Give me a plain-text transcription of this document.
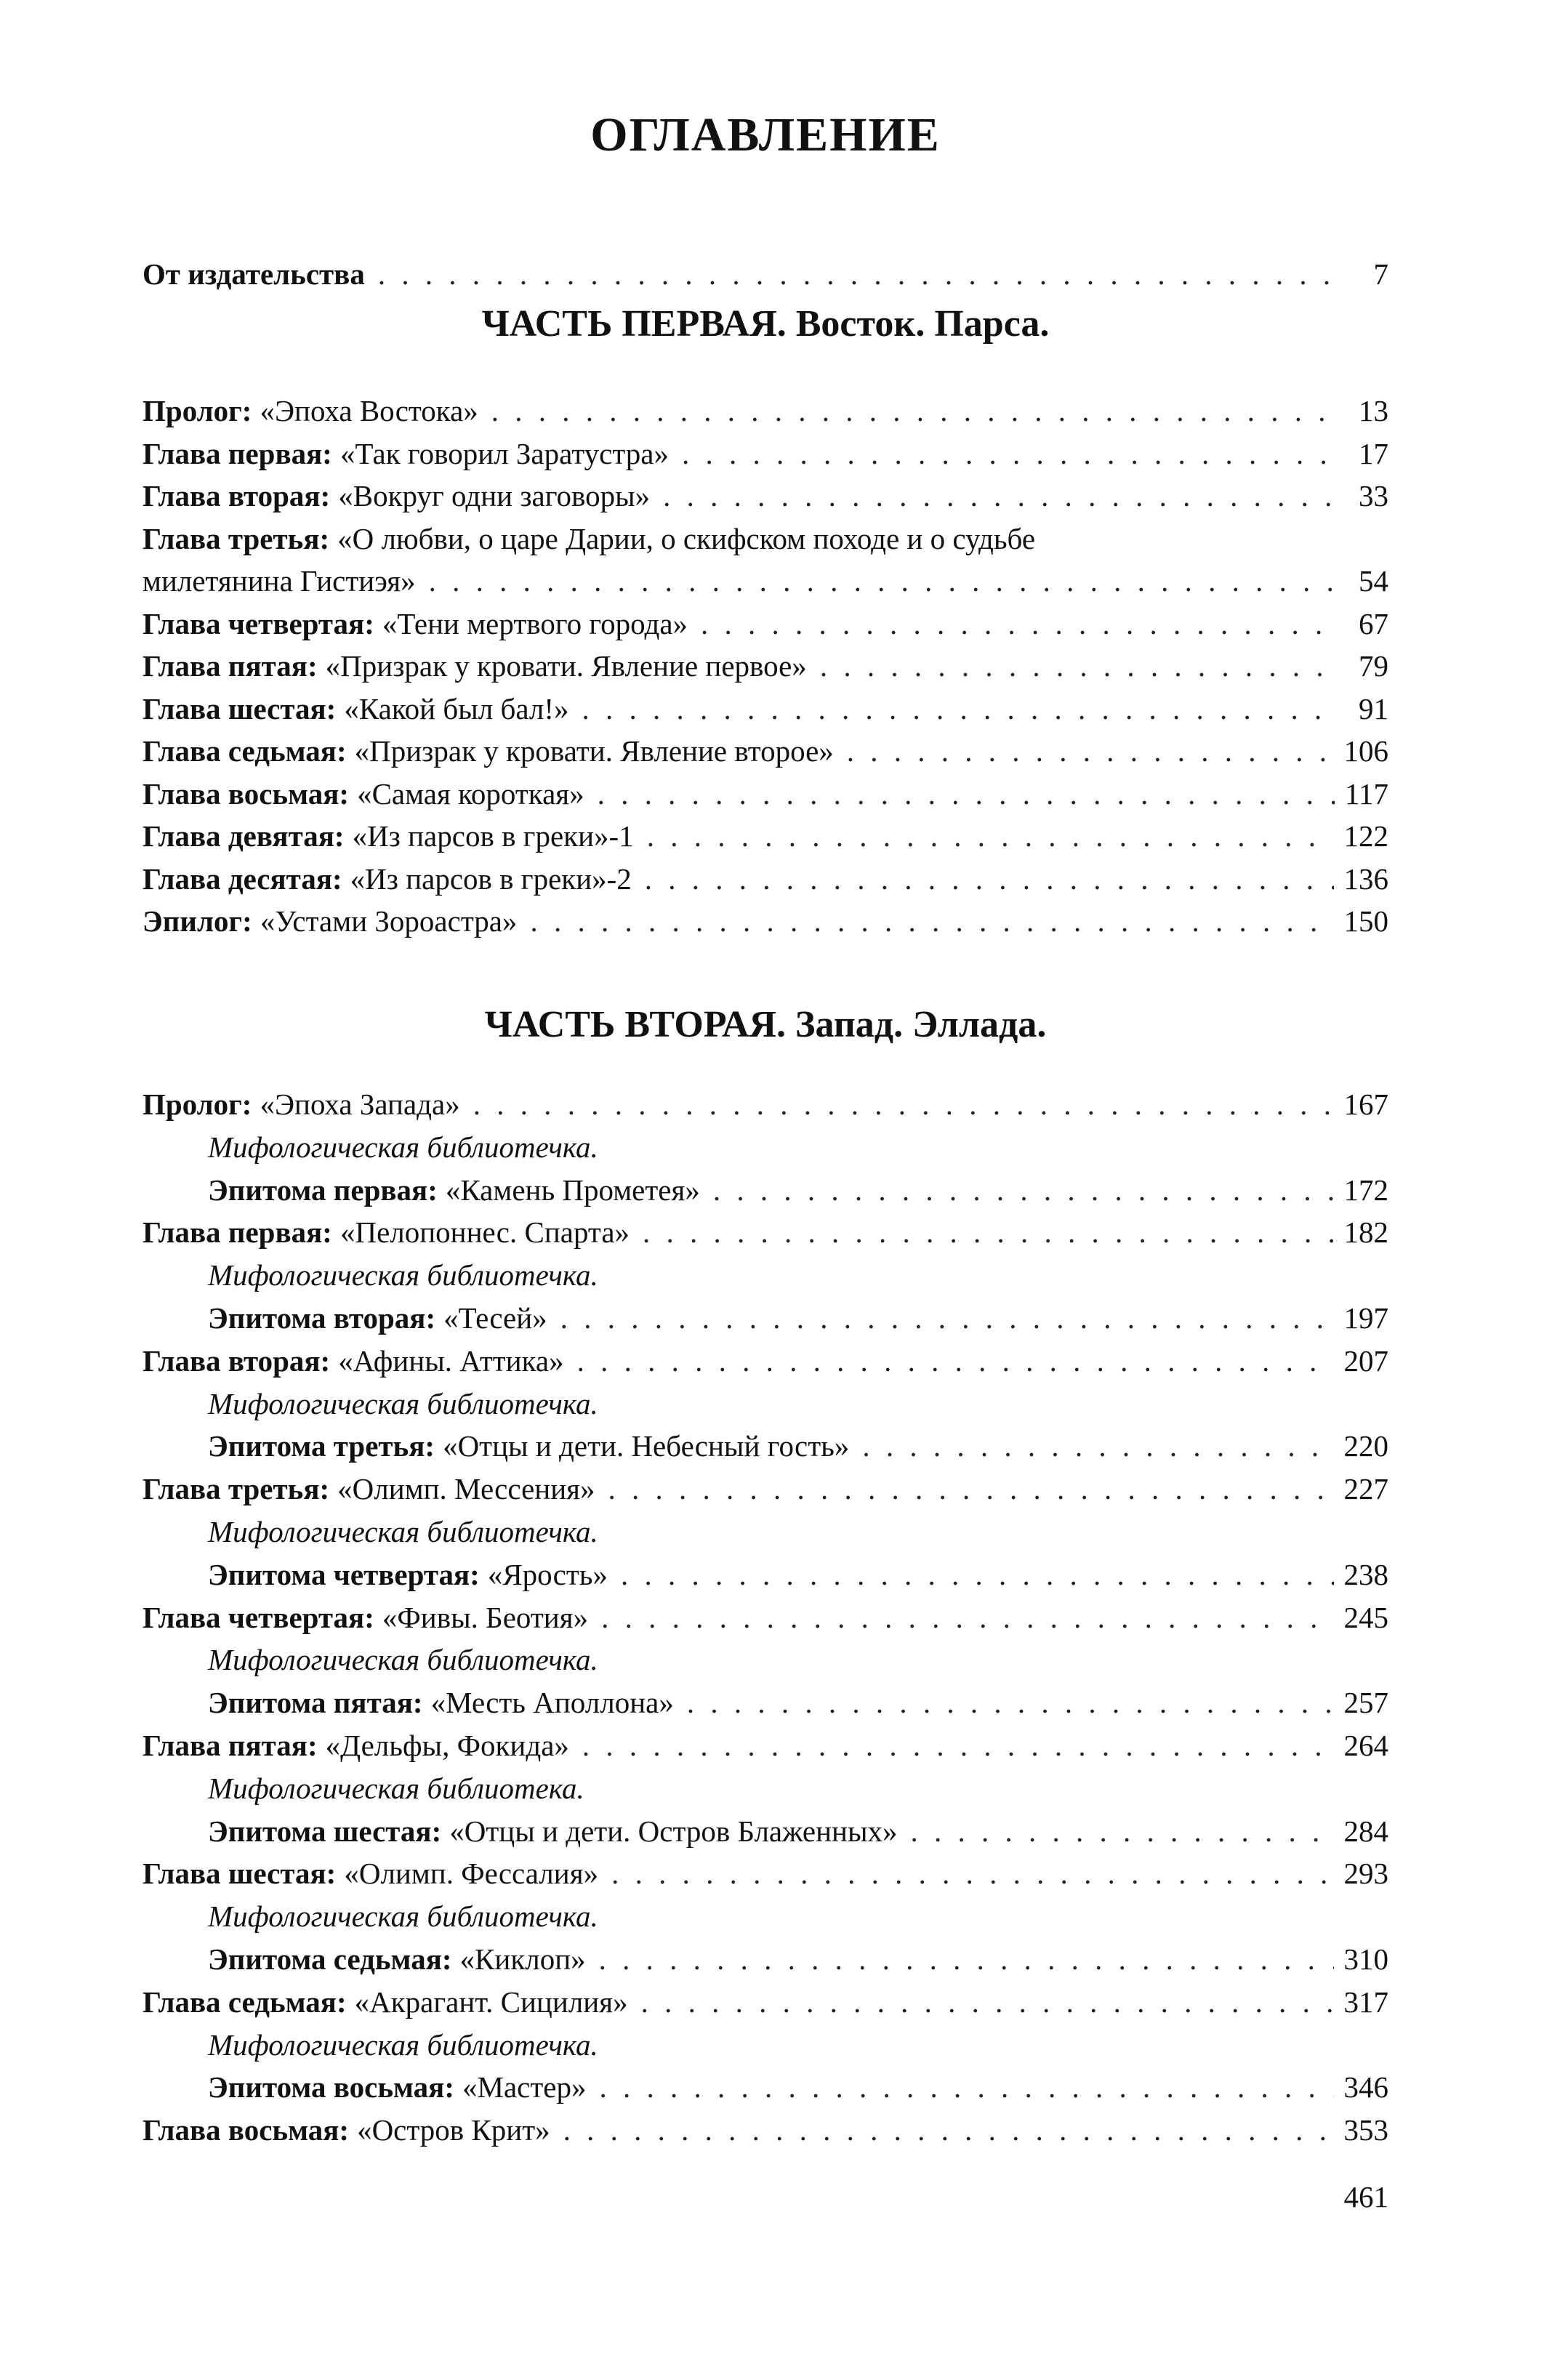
ОГЛАВЛЕНИЕ
От издательства . . .	7
ЧАСТЬ ПЕРВАЯ. Восток. Парса.
Пролог: «Эпоха Востока» . . .	13
Глава первая: «Так говорил Заратустра» . . .	17
Глава вторая: «Вокруг одни заговоры» . . .	33
Глава третья: «О любви, о царе Дарии, о скифском походе и о судьбе
милетянина Гистиэя» . . .	54
Глава четвертая: «Тени мертвого города» . . .	67
Глава пятая: «Призрак у кровати. Явление первое» . . .	79
Глава шестая: «Какой был бал!» . . .	91
Глава седьмая: «Призрак у кровати. Явление второе» . . .	106
Глава восьмая: «Самая короткая» . . .	117
Глава девятая: «Из парсов в греки»-1 . . .	122
Глава десятая: «Из парсов в греки»-2 . . .	136
Эпилог: «Устами Зороастра» . . .	150
ЧАСТЬ ВТОРАЯ. Запад. Эллада.
Пролог: «Эпоха Запада» . . .	167
Мифологическая библиотечка.
Эпитома первая: «Камень Прометея» . . .	172
Глава первая: «Пелопоннес. Спарта» . . .	182
Мифологическая библиотечка.
Эпитома вторая: «Тесей» . . .	197
Глава вторая: «Афины. Аттика» . . .	207
Мифологическая библиотечка.
Эпитома третья: «Отцы и дети. Небесный гость» . . .	220
Глава третья: «Олимп. Мессения» . . .	227
Мифологическая библиотечка.
Эпитома четвертая: «Ярость» . . .	238
Глава четвертая: «Фивы. Беотия» . . .	245
Мифологическая библиотечка.
Эпитома пятая: «Месть Аполлона» . . .	257
Глава пятая: «Дельфы, Фокида» . . .	264
Мифологическая библиотека.
Эпитома шестая: «Отцы и дети. Остров Блаженных» . . .	284
Глава шестая: «Олимп. Фессалия» . . .	293
Мифологическая библиотечка.
Эпитома седьмая: «Киклоп» . . .	310
Глава седьмая: «Акрагант. Сицилия» . . .	317
Мифологическая библиотечка.
Эпитома восьмая: «Мастер» . . .	346
Глава восьмая: «Остров Крит» . . .	353
461
